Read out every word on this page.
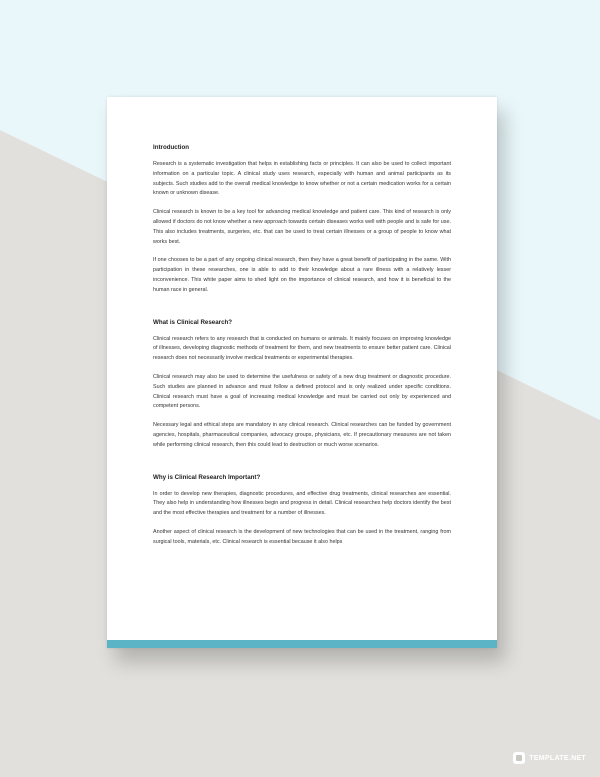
Introduction

Research is a systematic investigation that helps in establishing facts or principles. It can also be used to collect important information on a particular topic. A clinical study uses research, especially with human and animal participants as its subjects. Such studies add to the overall medical knowledge to know whether or not a certain medication works for a certain known or unknown disease.

Clinical research is known to be a key tool for advancing medical knowledge and patient care. This kind of research is only allowed if doctors do not know whether a new approach towards certain diseases works well with people and is safe for use. This also includes treatments, surgeries, etc. that can be used to treat certain illnesses or a group of people to know what works best.

If one chooses to be a part of any ongoing clinical research, then they have a great benefit of participating in the same. With participation in these researches, one is able to add to their knowledge about a rare illness with a relatively lesser inconvenience. This white paper aims to shed light on the importance of clinical research, and how it is beneficial to the human race in general.

What is Clinical Research?

Clinical research refers to any research that is conducted on humans or animals. It mainly focuses on improving knowledge of illnesses, developing diagnostic methods of treatment for them, and new treatments to ensure better patient care. Clinical research does not necessarily involve medical treatments or experimental therapies.

Clinical research may also be used to determine the usefulness or safety of a new drug treatment or diagnostic procedure. Such studies are planned in advance and must follow a defined protocol and is only realized under specific conditions. Clinical research must have a goal of increasing medical knowledge and must be carried out only by experienced and competent persons.

Necessary legal and ethical steps are mandatory in any clinical research. Clinical researches can be funded by government agencies, hospitals, pharmaceutical companies, advocacy groups, physicians, etc. If precautionary measures are not taken while performing clinical research, then this could lead to destruction or much worse scenarios.

Why is Clinical Research Important?

In order to develop new therapies, diagnostic procedures, and effective drug treatments, clinical researches are essential. They also help in understanding how illnesses begin and progress in detail. Clinical researches help doctors identify the best and the most effective therapies and treatment for a number of illnesses.

Another aspect of clinical research is the development of new technologies that can be used in the treatment, ranging from surgical tools, materials, etc. Clinical research is essential because it also helps

TEMPLATE.NET
